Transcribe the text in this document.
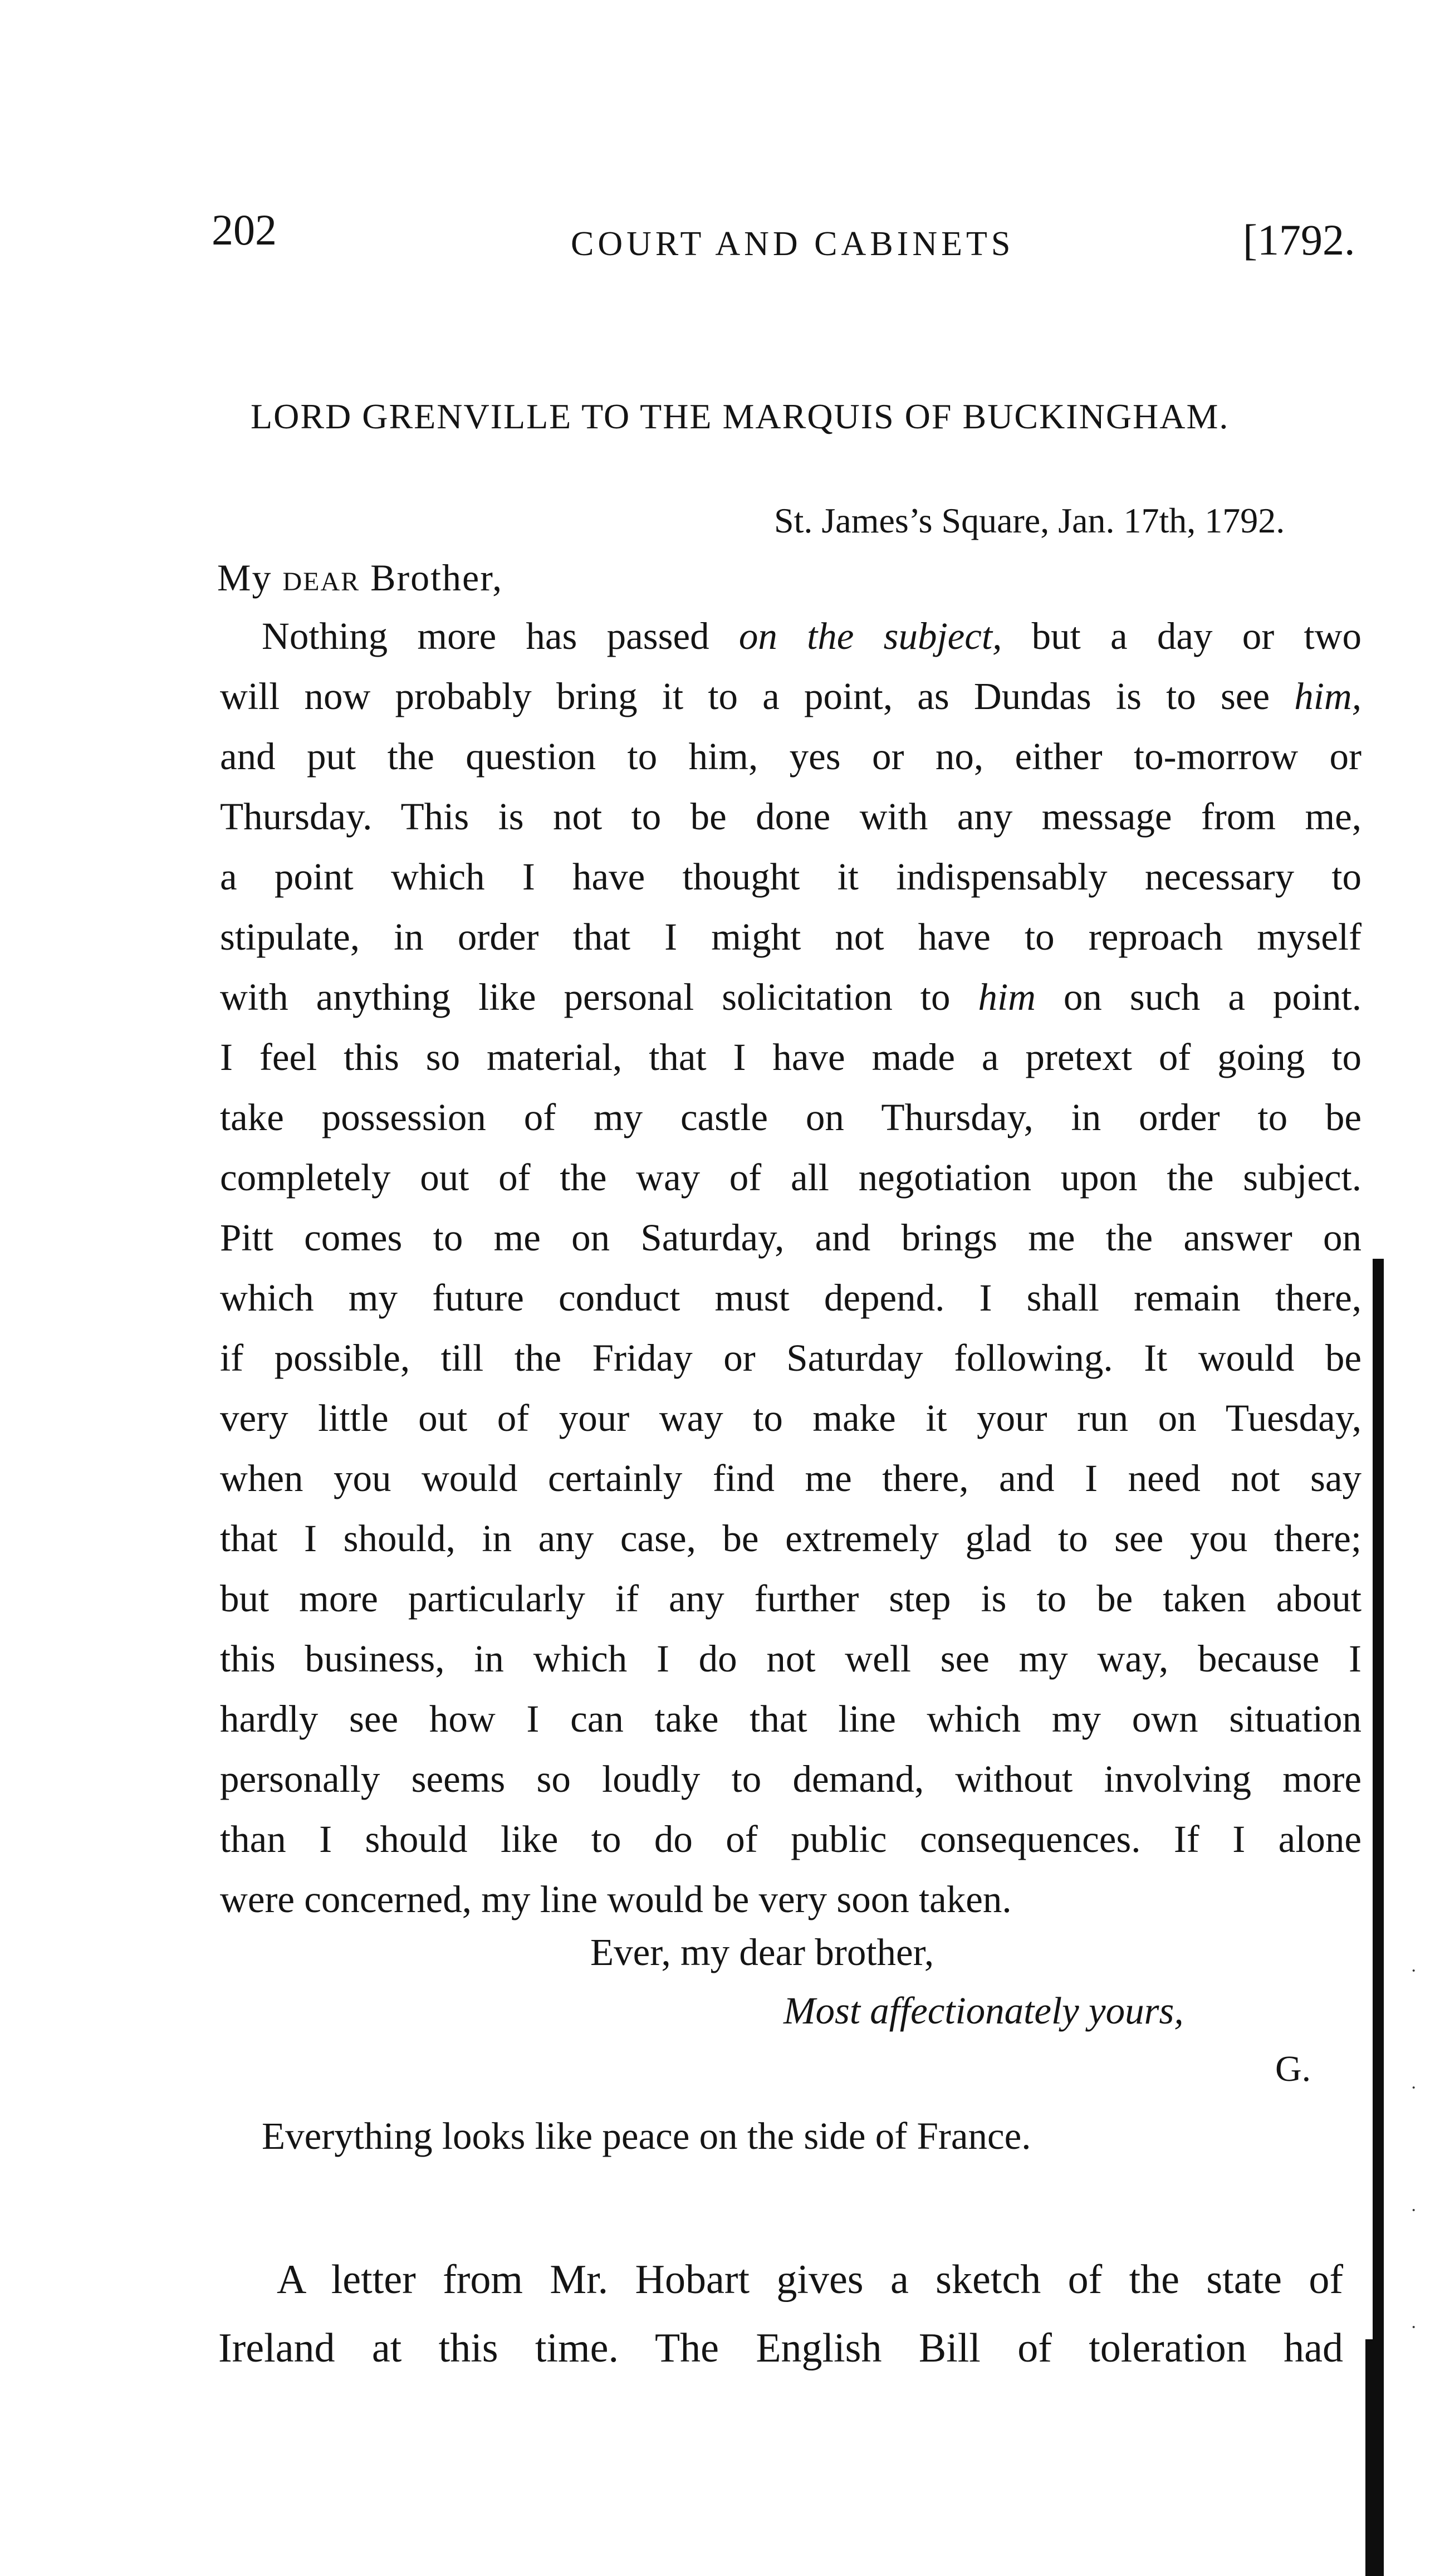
202	COURT AND CABINETS	[1792.
LORD GRENVILLE TO THE MARQUIS OF BUCKINGHAM.
St. James’s Square, Jan. 17th, 1792.
My dear Brother,
Nothing more has passed on the subject, but a day or two
will now probably bring it to a point, as Dundas is to see him,
and put the question to him, yes or no, either to-morrow or
Thursday. This is not to be done with any message from me,
a point which I have thought it indispensably necessary to
stipulate, in order that I might not have to reproach myself
with anything like personal solicitation to him on such a point.
I feel this so material, that I have made a pretext of going to
take possession of my castle on Thursday, in order to be
completely out of the way of all negotiation upon the subject.
Pitt comes to me on Saturday, and brings me the answer on
which my future conduct must depend. I shall remain there,
if possible, till the Friday or Saturday following. It would be
very little out of your way to make it your run on Tuesday,
when you would certainly find me there, and I need not say
that I should, in any case, be extremely glad to see you there;
but more particularly if any further step is to be taken about
this business, in which I do not well see my way, because I
hardly see how I can take that line which my own situation
personally seems so loudly to demand, without involving more
than I should like to do of public consequences. If I alone
were concerned, my line would be very soon taken.
Ever, my dear brother,
Most affectionately yours,
G.
Everything looks like peace on the side of France.
A letter from Mr. Hobart gives a sketch of the state of
Ireland at this time. The English Bill of toleration had
·
·
·
·
